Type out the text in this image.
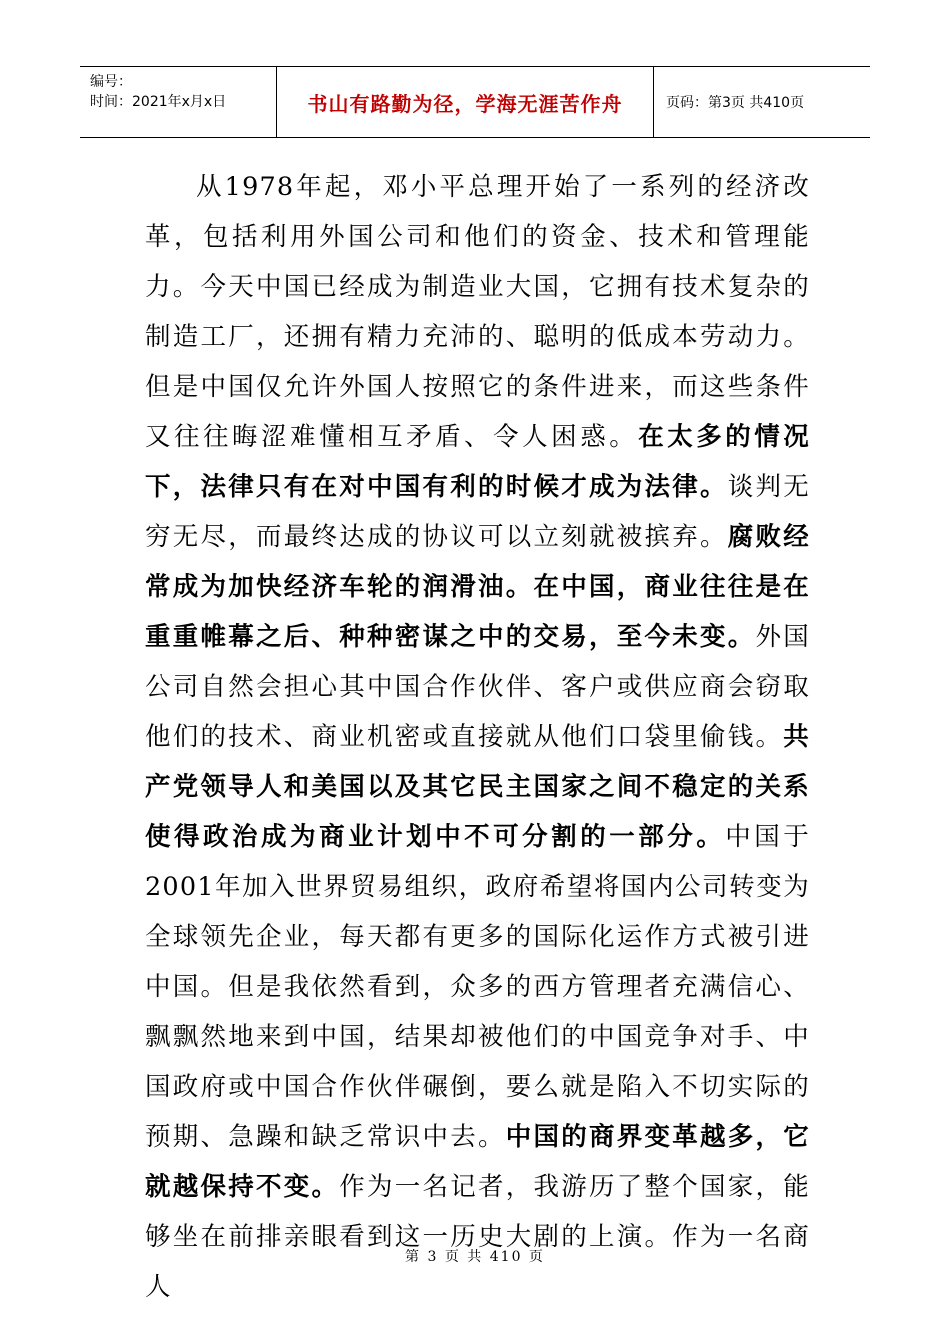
编号：
时间：2021年x月x日	书山有路勤为径，学海无涯苦作舟	页码：第3页 共410页

从1978年起，邓小平总理开始了一系列的经济改革，包括利用外国公司和他们的资金、技术和管理能力。今天中国已经成为制造业大国，它拥有技术复杂的制造工厂，还拥有精力充沛的、聪明的低成本劳动力。但是中国仅允许外国人按照它的条件进来，而这些条件又往往晦涩难懂相互矛盾、令人困惑。在太多的情况下，法律只有在对中国有利的时候才成为法律。谈判无穷无尽，而最终达成的协议可以立刻就被摈弃。腐败经常成为加快经济车轮的润滑油。在中国，商业往往是在重重帷幕之后、种种密谋之中的交易，至今未变。外国公司自然会担心其中国合作伙伴、客户或供应商会窃取他们的技术、商业机密或直接就从他们口袋里偷钱。共产党领导人和美国以及其它民主国家之间不稳定的关系使得政治成为商业计划中不可分割的一部分。中国于2001年加入世界贸易组织，政府希望将国内公司转变为全球领先企业，每天都有更多的国际化运作方式被引进中国。但是我依然看到，众多的西方管理者充满信心、飘飘然地来到中国，结果却被他们的中国竞争对手、中国政府或中国合作伙伴碾倒，要么就是陷入不切实际的预期、急躁和缺乏常识中去。中国的商界变革越多，它就越保持不变。作为一名记者，我游历了整个国家，能够坐在前排亲眼看到这一历史大剧的上演。作为一名商人

第 3 页 共 410 页
